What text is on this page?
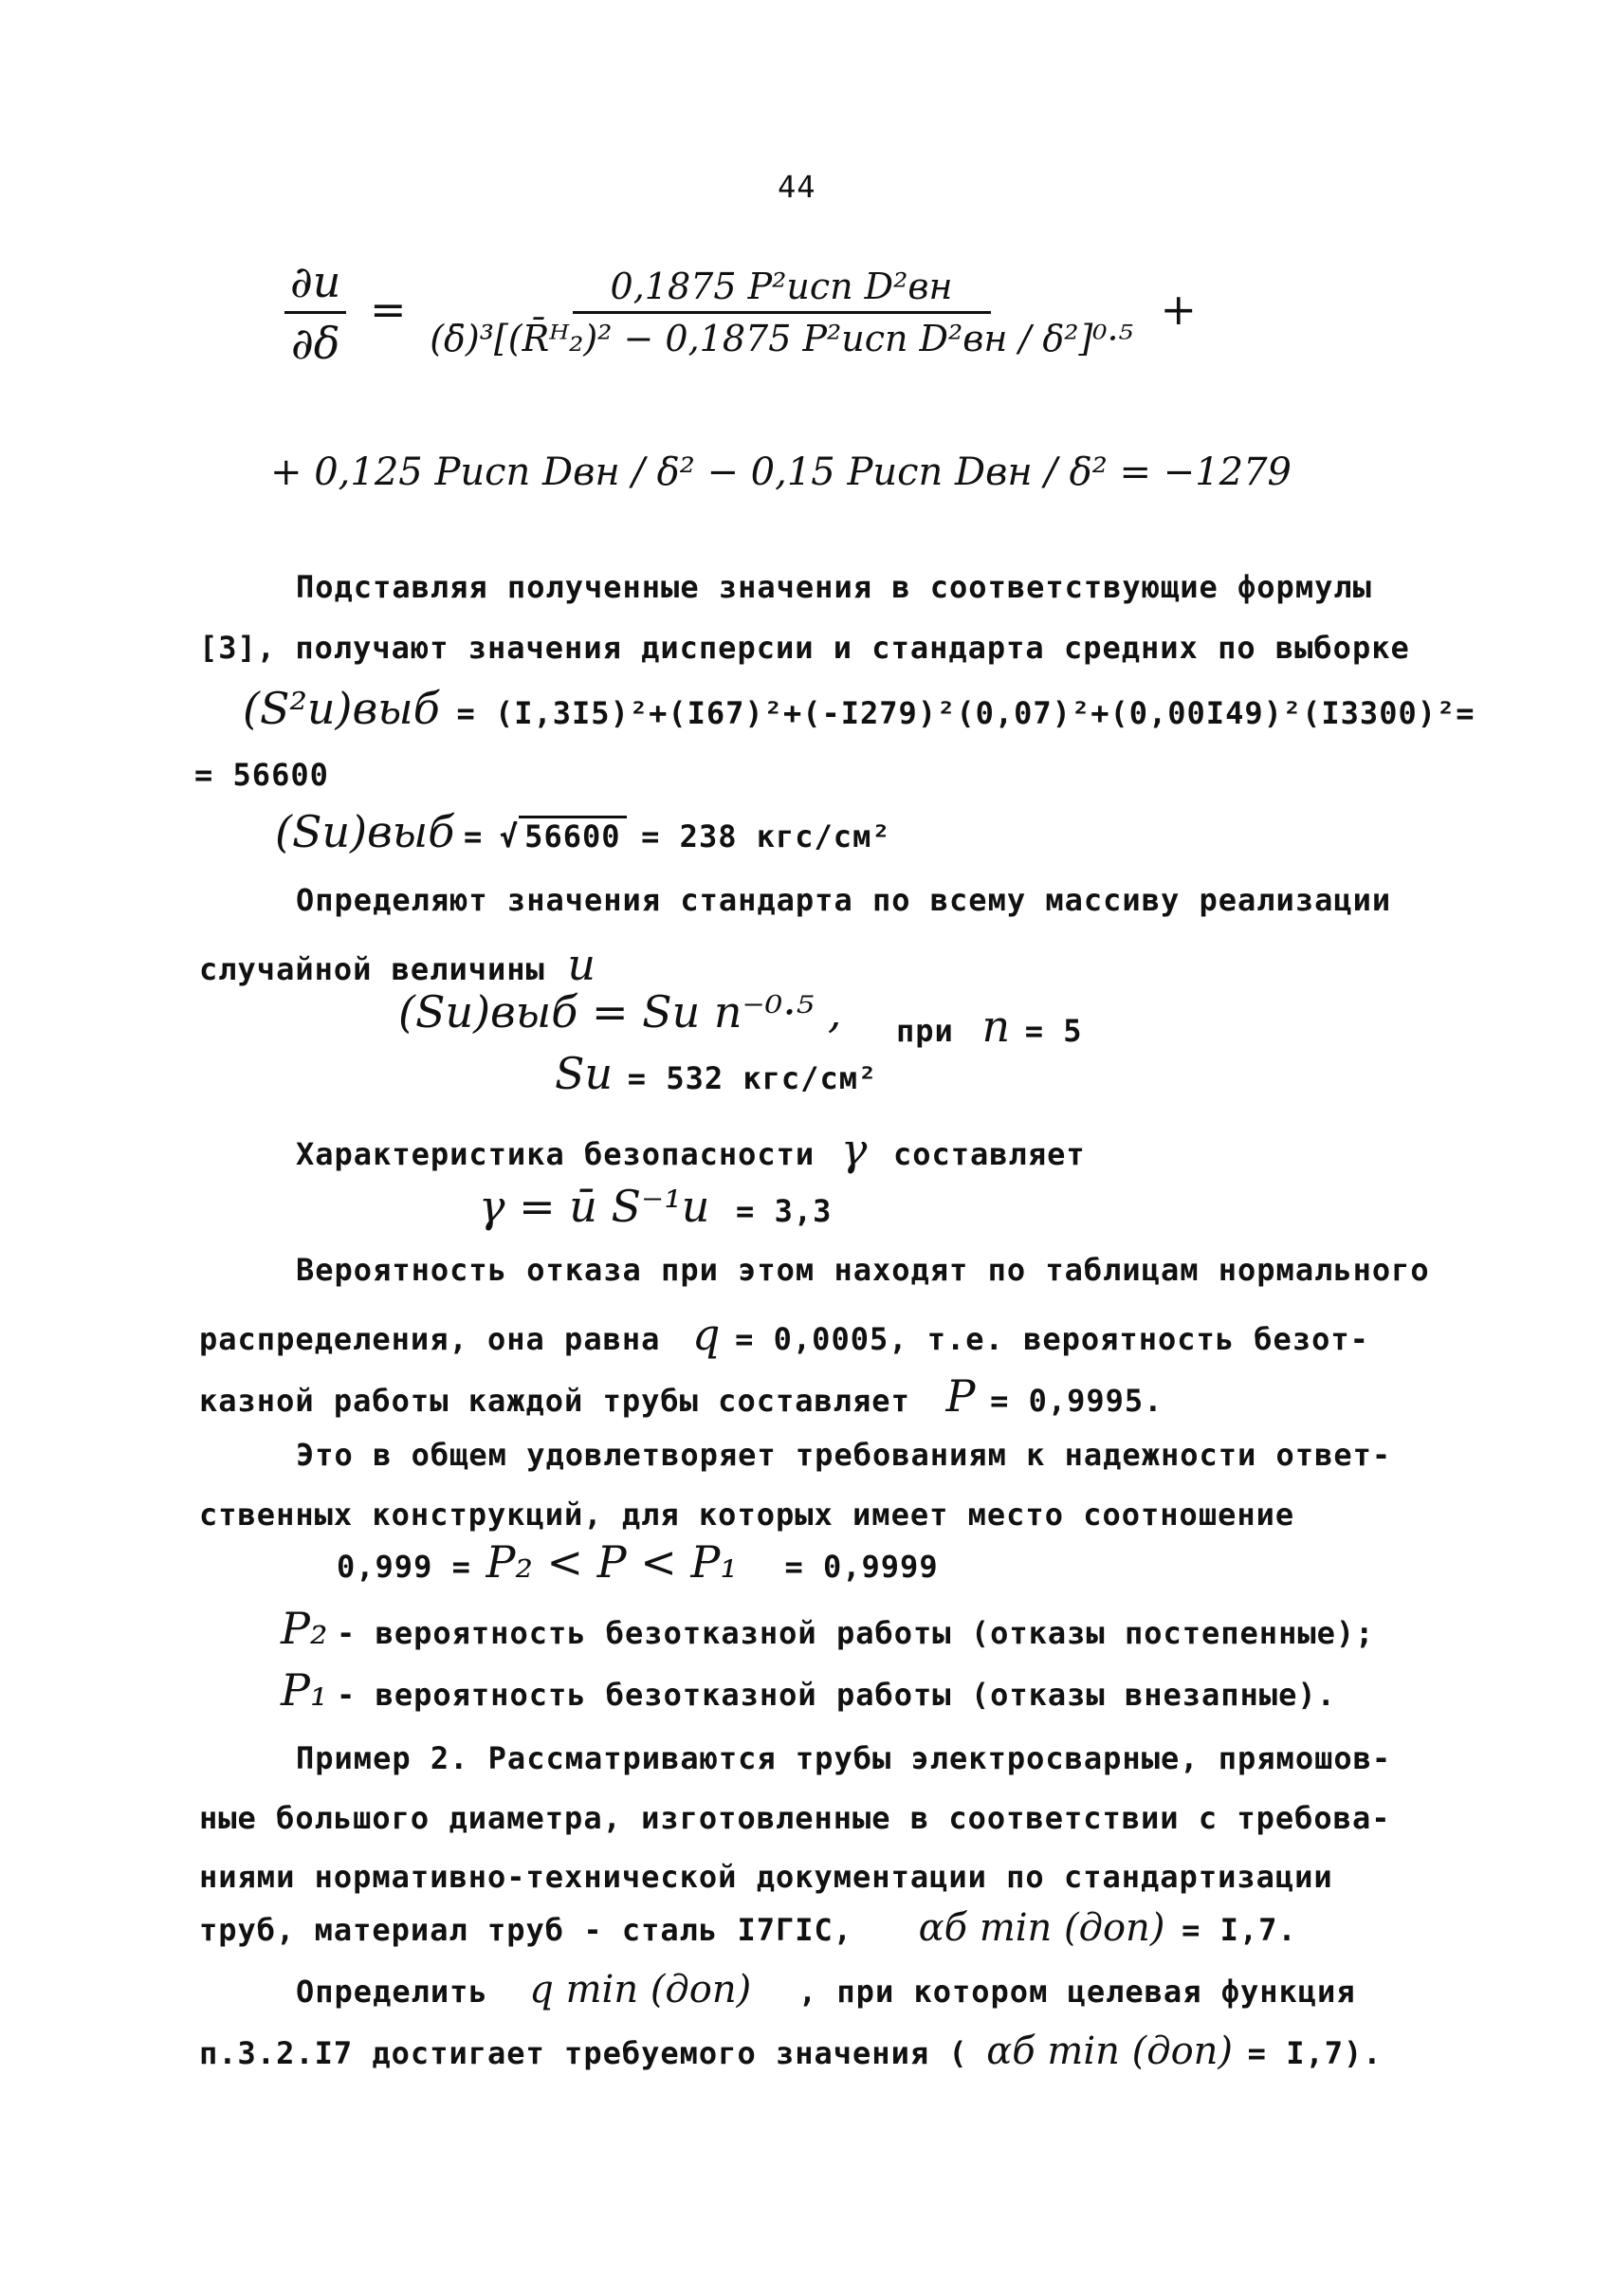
44
$\frac{\partial u}{\partial\delta} = \frac{\text{0,1875 P²исп D²вн}}{\text{(δ̄)³[(R̄ᴴ₂)² − 0,1875 P²исп D²вн / δ²]⁰·⁵}}$ +
+ 0,125 Pисп Dвн / δ² − 0,15 Pисп Dвн / δ² = −1279
Подставляя полученные значения в соответствующие формулы
[3], получают значения дисперсии и стандарта средних по выборке
(S²u)выб = (I,3I5)²+(I67)²+(-I279)²(0,07)²+(0,00I49)²(I3300)²=
= 56600
(Su)выб = √ 56600 = 238 кгс/см²
Определяют значения стандарта по всему массиву реализации
случайной величины u
(Su)выб = Su n⁻⁰·⁵ , при n = 5
Su = 532 кгс/см²
Характеристика безопасности γ составляет
γ = ū S⁻¹u = 3,3
Вероятность отказа при этом находят по таблицам нормального
распределения, она равна q = 0,0005, т.е. вероятность безот-
казной работы каждой трубы составляет P = 0,9995.
Это в общем удовлетворяет требованиям к надежности ответ-
ственных конструкций, для которых имеет место соотношение
0,999 = P₂ < P < P₁ = 0,9999
P₂ - вероятность безотказной работы (отказы постепенные);
P₁ - вероятность безотказной работы (отказы внезапные).
Пример 2. Рассматриваются трубы электросварные, прямошов-
ные большого диаметра, изготовленные в соответствии с требова-
ниями нормативно-технической документации по стандартизации
труб, материал труб - сталь I7ГIС, αб min (доп) = I,7.
Определить q min (доп) , при котором целевая функция
п.3.2.I7 достигает требуемого значения ( αб min (доп) = I,7).
